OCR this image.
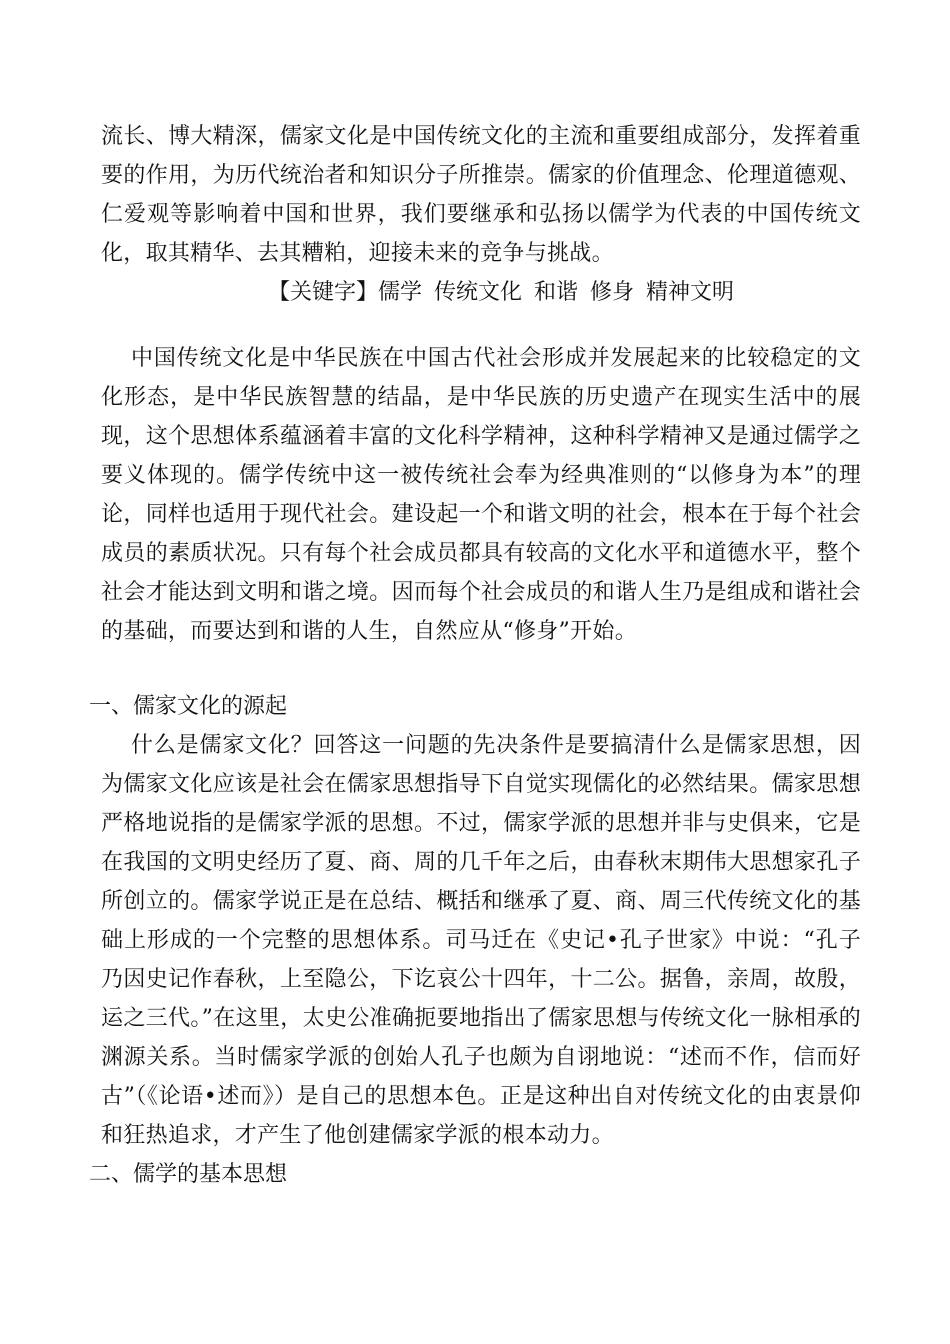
流长、博大精深，儒家文化是中国传统文化的主流和重要组成部分，发挥着重要的作用，为历代统治者和知识分子所推崇。儒家的价值理念、伦理道德观、仁爱观等影响着中国和世界，我们要继承和弘扬以儒学为代表的中国传统文化，取其精华、去其糟粕，迎接未来的竞争与挑战。

【关键字】儒学 传统文化 和谐 修身 精神文明

中国传统文化是中华民族在中国古代社会形成并发展起来的比较稳定的文化形态，是中华民族智慧的结晶，是中华民族的历史遗产在现实生活中的展现，这个思想体系蕴涵着丰富的文化科学精神，这种科学精神又是通过儒学之要义体现的。儒学传统中这一被传统社会奉为经典准则的“以修身为本”的理论，同样也适用于现代社会。建设起一个和谐文明的社会，根本在于每个社会成员的素质状况。只有每个社会成员都具有较高的文化水平和道德水平，整个社会才能达到文明和谐之境。因而每个社会成员的和谐人生乃是组成和谐社会的基础，而要达到和谐的人生，自然应从“修身”开始。

一、儒家文化的源起

什么是儒家文化？回答这一问题的先决条件是要搞清什么是儒家思想，因为儒家文化应该是社会在儒家思想指导下自觉实现儒化的必然结果。儒家思想严格地说指的是儒家学派的思想。不过，儒家学派的思想并非与史俱来，它是在我国的文明史经历了夏、商、周的几千年之后，由春秋末期伟大思想家孔子所创立的。儒家学说正是在总结、概括和继承了夏、商、周三代传统文化的基础上形成的一个完整的思想体系。司马迁在《史记•孔子世家》中说：“孔子乃因史记作春秋，上至隐公，下讫哀公十四年，十二公。据鲁，亲周，故殷，运之三代。”在这里，太史公准确扼要地指出了儒家思想与传统文化一脉相承的渊源关系。当时儒家学派的创始人孔子也颇为自诩地说：“述而不作，信而好古”（《论语•述而》）是自己的思想本色。正是这种出自对传统文化的由衷景仰和狂热追求，才产生了他创建儒家学派的根本动力。

二、儒学的基本思想
